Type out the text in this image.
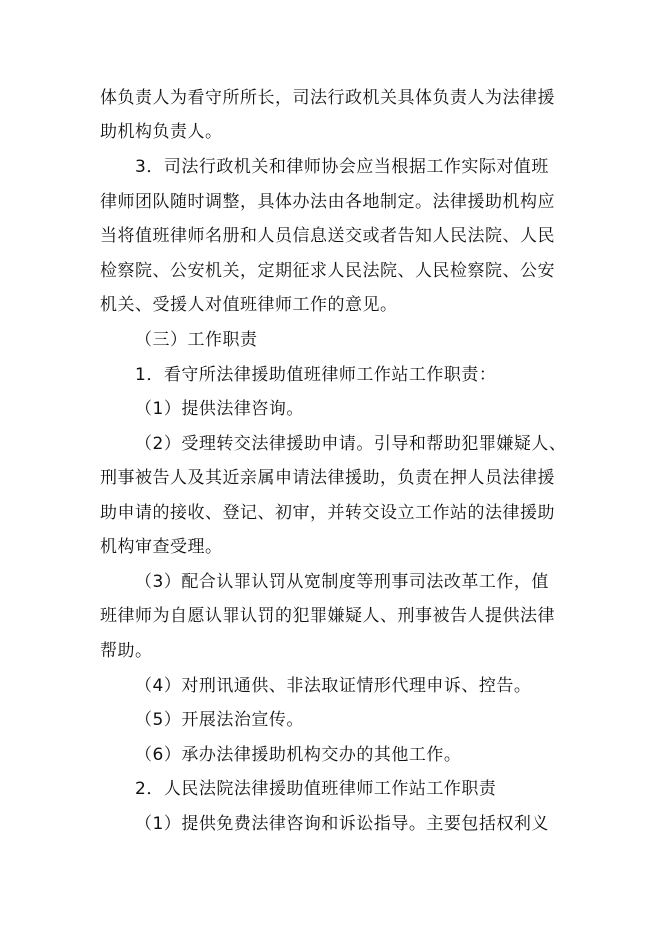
体负责人为看守所所长，司法行政机关具体负责人为法律援
助机构负责人。
3．司法行政机关和律师协会应当根据工作实际对值班
律师团队随时调整，具体办法由各地制定。法律援助机构应
当将值班律师名册和人员信息送交或者告知人民法院、人民
检察院、公安机关，定期征求人民法院、人民检察院、公安
机关、受援人对值班律师工作的意见。
（三）工作职责
1．看守所法律援助值班律师工作站工作职责：
（1）提供法律咨询。
（2）受理转交法律援助申请。引导和帮助犯罪嫌疑人、
刑事被告人及其近亲属申请法律援助，负责在押人员法律援
助申请的接收、登记、初审，并转交设立工作站的法律援助
机构审查受理。
（3）配合认罪认罚从宽制度等刑事司法改革工作，值
班律师为自愿认罪认罚的犯罪嫌疑人、刑事被告人提供法律
帮助。
（4）对刑讯通供、非法取证情形代理申诉、控告。
（5）开展法治宣传。
（6）承办法律援助机构交办的其他工作。
2．人民法院法律援助值班律师工作站工作职责
（1）提供免费法律咨询和诉讼指导。主要包括权利义
